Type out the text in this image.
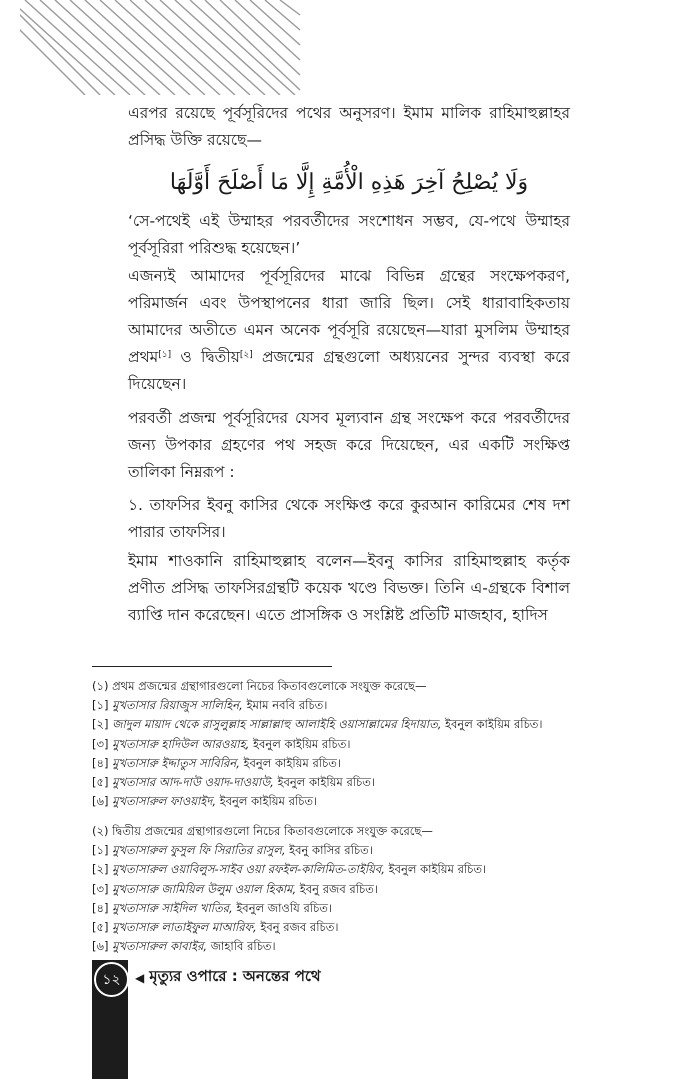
এরপর রয়েছে পূর্বসূরিদের পথের অনুসরণ। ইমাম মালিক রাহিমাহুল্লাহর প্রসিদ্ধ উক্তি রয়েছে—
وَلَا يُصْلِحُ آخِرَ هَذِهِ الْأُمَّةِ إِلَّا مَا أَصْلَحَ أَوَّلَهَا
‘সে-পথেই এই উম্মাহর পরবর্তীদের সংশোধন সম্ভব, যে-পথে উম্মাহর পূর্বসূরিরা পরিশুদ্ধ হয়েছেন।’
এজন্যই আমাদের পূর্বসূরিদের মাঝে বিভিন্ন গ্রন্থের সংক্ষেপকরণ, পরিমার্জন এবং উপস্থাপনের ধারা জারি ছিল। সেই ধারাবাহিকতায় আমাদের অতীতে এমন অনেক পূর্বসূরি রয়েছেন—যারা মুসলিম উম্মাহর প্রথম[১] ও দ্বিতীয়[২] প্রজন্মের গ্রন্থগুলো অধ্যয়নের সুন্দর ব্যবস্থা করে দিয়েছেন।
পরবর্তী প্রজন্ম পূর্বসূরিদের যেসব মূল্যবান গ্রন্থ সংক্ষেপ করে পরবর্তীদের জন্য উপকার গ্রহণের পথ সহজ করে দিয়েছেন, এর একটি সংক্ষিপ্ত তালিকা নিম্নরূপ :
১. তাফসির ইবনু কাসির থেকে সংক্ষিপ্ত করে কুরআন কারিমের শেষ দশ পারার তাফসির।
ইমাম শাওকানি রাহিমাহুল্লাহ বলেন—ইবনু কাসির রাহিমাহুল্লাহ কর্তৃক প্রণীত প্রসিদ্ধ তাফসিরগ্রন্থটি কয়েক খণ্ডে বিভক্ত। তিনি এ-গ্রন্থকে বিশাল ব্যাপ্তি দান করেছেন। এতে প্রাসঙ্গিক ও সংশ্লিষ্ট প্রতিটি মাজহাব, হাদিস
(১) প্রথম প্রজন্মের গ্রন্থাগারগুলো নিচের কিতাবগুলোকে সংযুক্ত করেছে—
[১] মুখতাসার রিয়াজুস সালিহিন, ইমাম নববি রচিত।
[২] জাদুল মায়াদ থেকে রাসুলুল্লাহ সাল্লাল্লাহু আলাইহি ওয়াসাল্লামের হিদায়াত, ইবনুল কাইয়িম রচিত।
[৩] মুখতাসারু হাদিউল আরওয়াহ, ইবনুল কাইয়িম রচিত।
[৪] মুখতাসারু ইদ্দাতুস সাবিরিন, ইবনুল কাইয়িম রচিত।
[৫] মুখতাসার আদ-দাউ ওয়াদ-দাওয়াউ, ইবনুল কাইয়িম রচিত।
[৬] মুখতাসারুল ফাওয়াইদ, ইবনুল কাইয়িম রচিত।
(২) দ্বিতীয় প্রজন্মের গ্রন্থাগারগুলো নিচের কিতাবগুলোকে সংযুক্ত করেছে—
[১] মুখতাসারুল ফুসুল ফি সিরাতির রাসুল, ইবনু কাসির রচিত।
[২] মুখতাসারুল ওয়াবিলুস-সাইব ওয়া রফইল-কালিমিত-তাইয়িব, ইবনুল কাইয়িম রচিত।
[৩] মুখতাসারু জামিয়িল উলুম ওয়াল হিকাম, ইবনু রজব রচিত।
[৪] মুখতাসারু সাইদিল খাতির, ইবনুল জাওযি রচিত।
[৫] মুখতাসারু লাতাইফুল মাআরিফ, ইবনু রজব রচিত।
[৬] মুখতাসারুল কাবাইর, জাহাবি রচিত।
১২	◀ মৃত্যুর ওপারে : অনন্তের পথে
